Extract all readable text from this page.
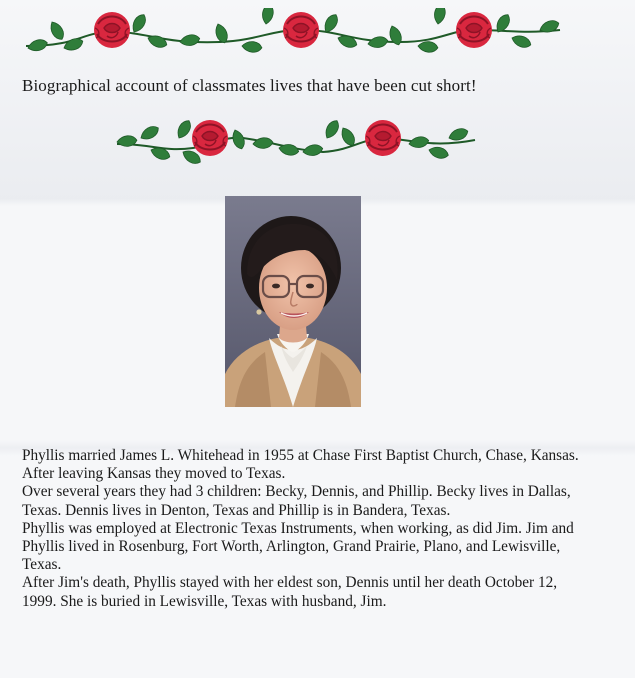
Biographical account of classmates lives that have been cut short!

Phyllis married James L. Whitehead in 1955 at Chase First Baptist Church, Chase, Kansas. After leaving Kansas they moved to Texas.

Over several years they had 3 children: Becky, Dennis, and Phillip. Becky lives in Dallas, Texas. Dennis lives in Denton, Texas and Phillip is in Bandera, Texas.

Phyllis was employed at Electronic Texas Instruments, when working, as did Jim. Jim and Phyllis lived in Rosenburg, Fort Worth, Arlington, Grand Prairie, Plano, and Lewisville, Texas.

After Jim's death, Phyllis stayed with her eldest son, Dennis until her death October 12, 1999. She is buried in Lewisville, Texas with husband, Jim.
